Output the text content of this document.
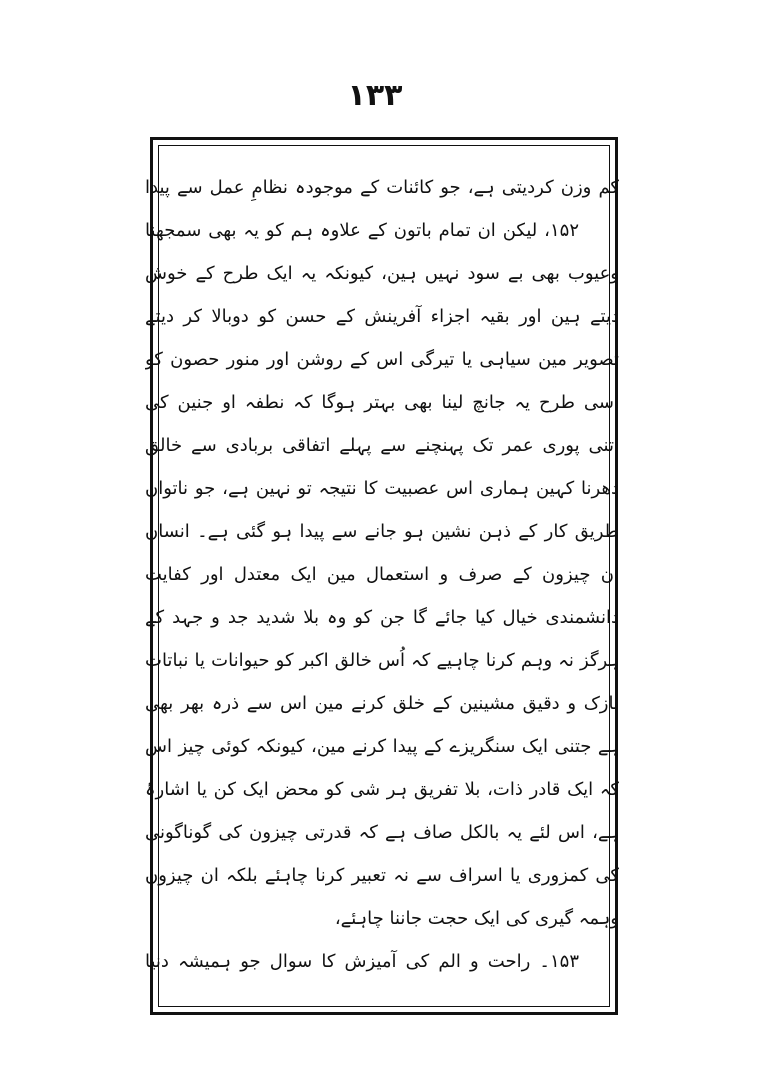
۱۳۳
کم وزن کردیتی ہے، جو کائنات کے موجودہ نظامِ عمل سے پیدا
۱۵۲، لیکن ان تمام باتون کے علاوہ ہم کو یہ بھی سمجھنا
وعیوب بھی بے سود نہیں ہین، کیونکہ یہ ایک طرح کے خوش
دیتے ہین اور بقیہ اجزاء آفرینش کے حسن کو دوبالا کر دیتے
تصویر مین سیاہی یا تیرگی اس کے روشن اور منور حصون کو
اسی طرح یہ جانچ لینا بھی بہتر ہوگا کہ نطفہ او جنین کی
اتنی پوری عمر تک پہنچنے سے پہلے اتفاقی بربادی سے خالق
دھرنا کہین ہماری اس عصبیت کا نتیجہ تو نہین ہے، جو ناتوان
طریق کار کے ذہن نشین ہو جانے سے پیدا ہو گئی ہے۔ انسان
ان چیزون کے صرف و استعمال مین ایک معتدل اور کفایت
دانشمندی خیال کیا جائے گا جن کو وہ بلا شدید جد و جہد کے
ہرگز نہ وہم کرنا چاہیے کہ اُس خالق اکبر کو حیوانات یا نباتات
نازک و دقیق مشینین کے خلق کرنے مین اس سے ذرہ بھر بھی
ہے جتنی ایک سنگریزے کے پیدا کرنے مین، کیونکہ کوئی چیز اس
کہ ایک قادر ذات، بلا تفریق ہر شی کو محض ایک کن یا اشارۂ
ہے، اس لئے یہ بالکل صاف ہے کہ قدرتی چیزون کی گوناگونی
کی کمزوری یا اسراف سے نہ تعبیر کرنا چاہئے بلکہ ان چیزون
وہمہ گیری کی ایک حجت جاننا چاہئے،
۱۵۳۔ راحت و الم کی آمیزش کا سوال جو ہمیشہ دنیا
